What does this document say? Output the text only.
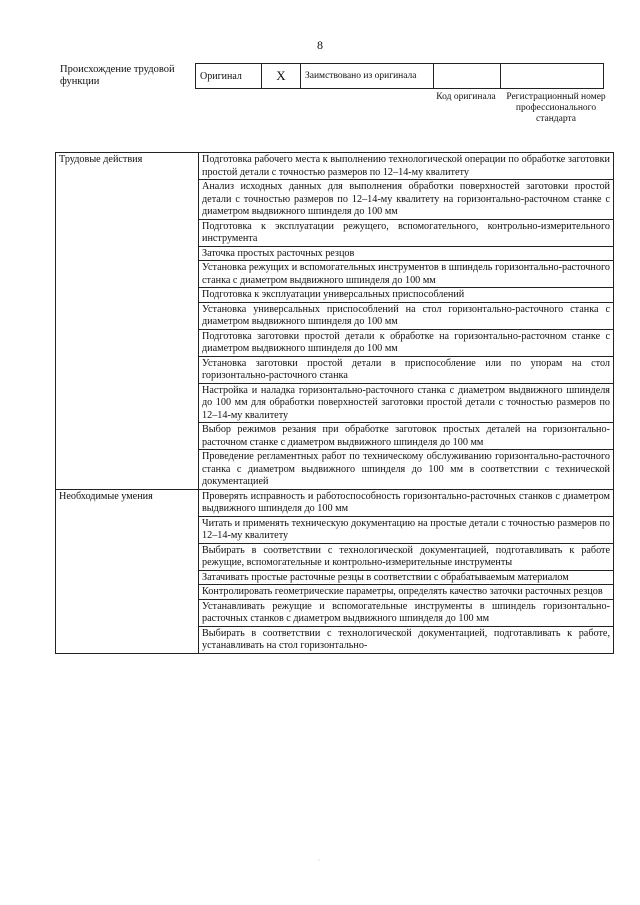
8
Происхождение трудовой функции	Оригинал	X	Заимствовано из оригинала		
Код оригинала	Регистрационный номер профессионального стандарта
Трудовые действия	Подготовка рабочего места к выполнению технологической операции по обработке заготовки простой детали с точностью размеров по 12–14-му квалитету
	Анализ исходных данных для выполнения обработки поверхностей заготовки простой детали с точностью размеров по 12–14-му квалитету на горизонтально-расточном станке с диаметром выдвижного шпинделя до 100 мм
	Подготовка к эксплуатации режущего, вспомогательного, контрольно-измерительного инструмента
	Заточка простых расточных резцов
	Установка режущих и вспомогательных инструментов в шпиндель горизонтально-расточного станка с диаметром выдвижного шпинделя до 100 мм
	Подготовка к эксплуатации универсальных приспособлений
	Установка универсальных приспособлений на стол горизонтально-расточного станка с диаметром выдвижного шпинделя до 100 мм
	Подготовка заготовки простой детали к обработке на горизонтально-расточном станке с диаметром выдвижного шпинделя до 100 мм
	Установка заготовки простой детали в приспособление или по упорам на стол горизонтально-расточного станка
	Настройка и наладка горизонтально-расточного станка с диаметром выдвижного шпинделя до 100 мм для обработки поверхностей заготовки простой детали с точностью размеров по 12–14-му квалитету
	Выбор режимов резания при обработке заготовок простых деталей на горизонтально-расточном станке с диаметром выдвижного шпинделя до 100 мм
	Проведение регламентных работ по техническому обслуживанию горизонтально-расточного станка с диаметром выдвижного шпинделя до 100 мм в соответствии с технической документацией
Необходимые умения	Проверять исправность и работоспособность горизонтально-расточных станков с диаметром выдвижного шпинделя до 100 мм
	Читать и применять техническую документацию на простые детали с точностью размеров по 12–14-му квалитету
	Выбирать в соответствии с технологической документацией, подготавливать к работе режущие, вспомогательные и контрольно-измерительные инструменты
	Затачивать простые расточные резцы в соответствии с обрабатываемым материалом
	Контролировать геометрические параметры, определять качество заточки расточных резцов
	Устанавливать режущие и вспомогательные инструменты в шпиндель горизонтально-расточных станков с диаметром выдвижного шпинделя до 100 мм
	Выбирать в соответствии с технологической документацией, подготавливать к работе, устанавливать на стол горизонтально-
·
